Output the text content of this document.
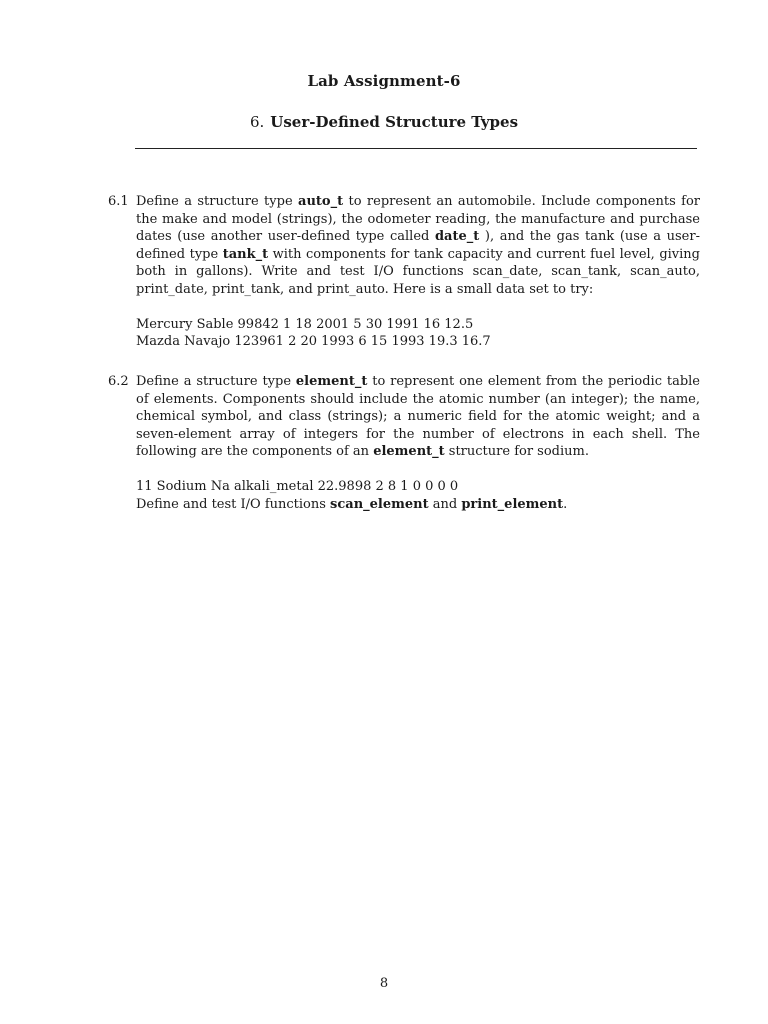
Lab Assignment-6
6. User-Defined Structure Types
6.1 Define a structure type auto_t to represent an automobile. Include components for the make and model (strings), the odometer reading, the manufacture and purchase dates (use another user-defined type called date_t ), and the gas tank (use a user-defined type tank_t with components for tank capacity and current fuel level, giving both in gallons). Write and test I/O functions scan_date, scan_tank, scan_auto, print_date, print_tank, and print_auto. Here is a small data set to try:
Mercury Sable 99842 1 18 2001 5 30 1991 16 12.5
Mazda Navajo 123961 2 20 1993 6 15 1993 19.3 16.7
6.2 Define a structure type element_t to represent one element from the periodic table of elements. Components should include the atomic number (an integer); the name, chemical symbol, and class (strings); a numeric field for the atomic weight; and a seven-element array of integers for the number of electrons in each shell. The following are the components of an element_t structure for sodium.
11 Sodium Na alkali_metal 22.9898 2 8 1 0 0 0 0
Define and test I/O functions scan_element and print_element.
8
